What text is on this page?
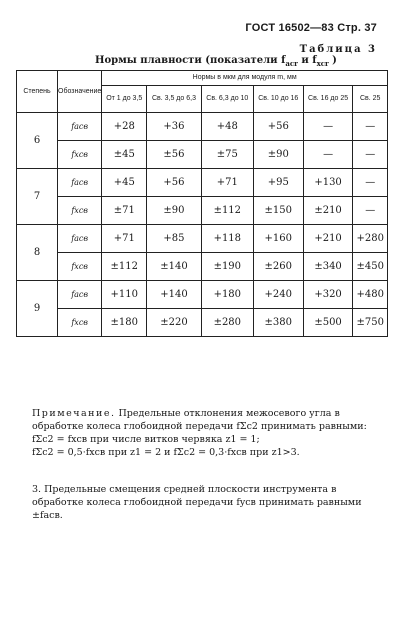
ГОСТ 16502—83 Стр. 37
Таблица 3
Нормы плавности (показатели $f_{acr}$ и $f_{xcr}$ )
Степень	Обозначение	Нормы в мкм для модуля m, мм					
		От 1 до 3,5	Св. 3,5 до 6,3	Св. 6,3 до 10	Св. 10 до 16	Св. 16 до 25	Св. 25
6	facв	+28	+36	+48	+56	—	—
	fxcв	±45	±56	±75	±90	—	—
7	facв	+45	+56	+71	+95	+130	—
	fxcв	±71	±90	±112	±150	±210	—
8	facв	+71	+85	+118	+160	+210	+280
	fxcв	±112	±140	±190	±260	±340	±450
9	facв	+110	+140	+180	+240	+320	+480
	fxcв	±180	±220	±280	±380	±500	±750
Примечание. Предельные отклонения межосевого угла в обработке колеса глобоидной передачи fΣc2 принимать равными:
fΣc2 = fxcв при числе витков червяка z1 = 1;
fΣc2 = 0,5·fxcв при z1 = 2 и fΣc2 = 0,3·fxcв при z1>3.
3. Предельные смещения средней плоскости инструмента в обработке колеса глобоидной передачи fycв принимать равными ±facв.
